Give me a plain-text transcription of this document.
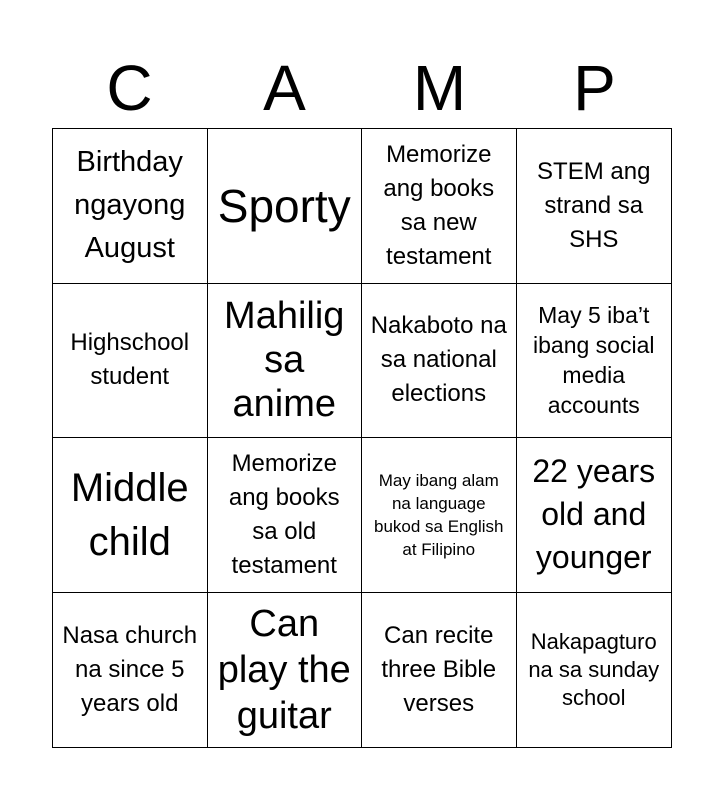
C	A	M	P
Birthday ngayong August
Sporty
Memorize ang books sa new testament
STEM ang strand sa SHS
Highschool student
Mahilig sa anime
Nakaboto na sa national elections
May 5 iba’t ibang social media accounts
Middle child
Memorize ang books sa old testament
May ibang alam na language bukod sa English at Filipino
22 years old and younger
Nasa church na since 5 years old
Can play the guitar
Can recite three Bible verses
Nakapagturo na sa sunday school
